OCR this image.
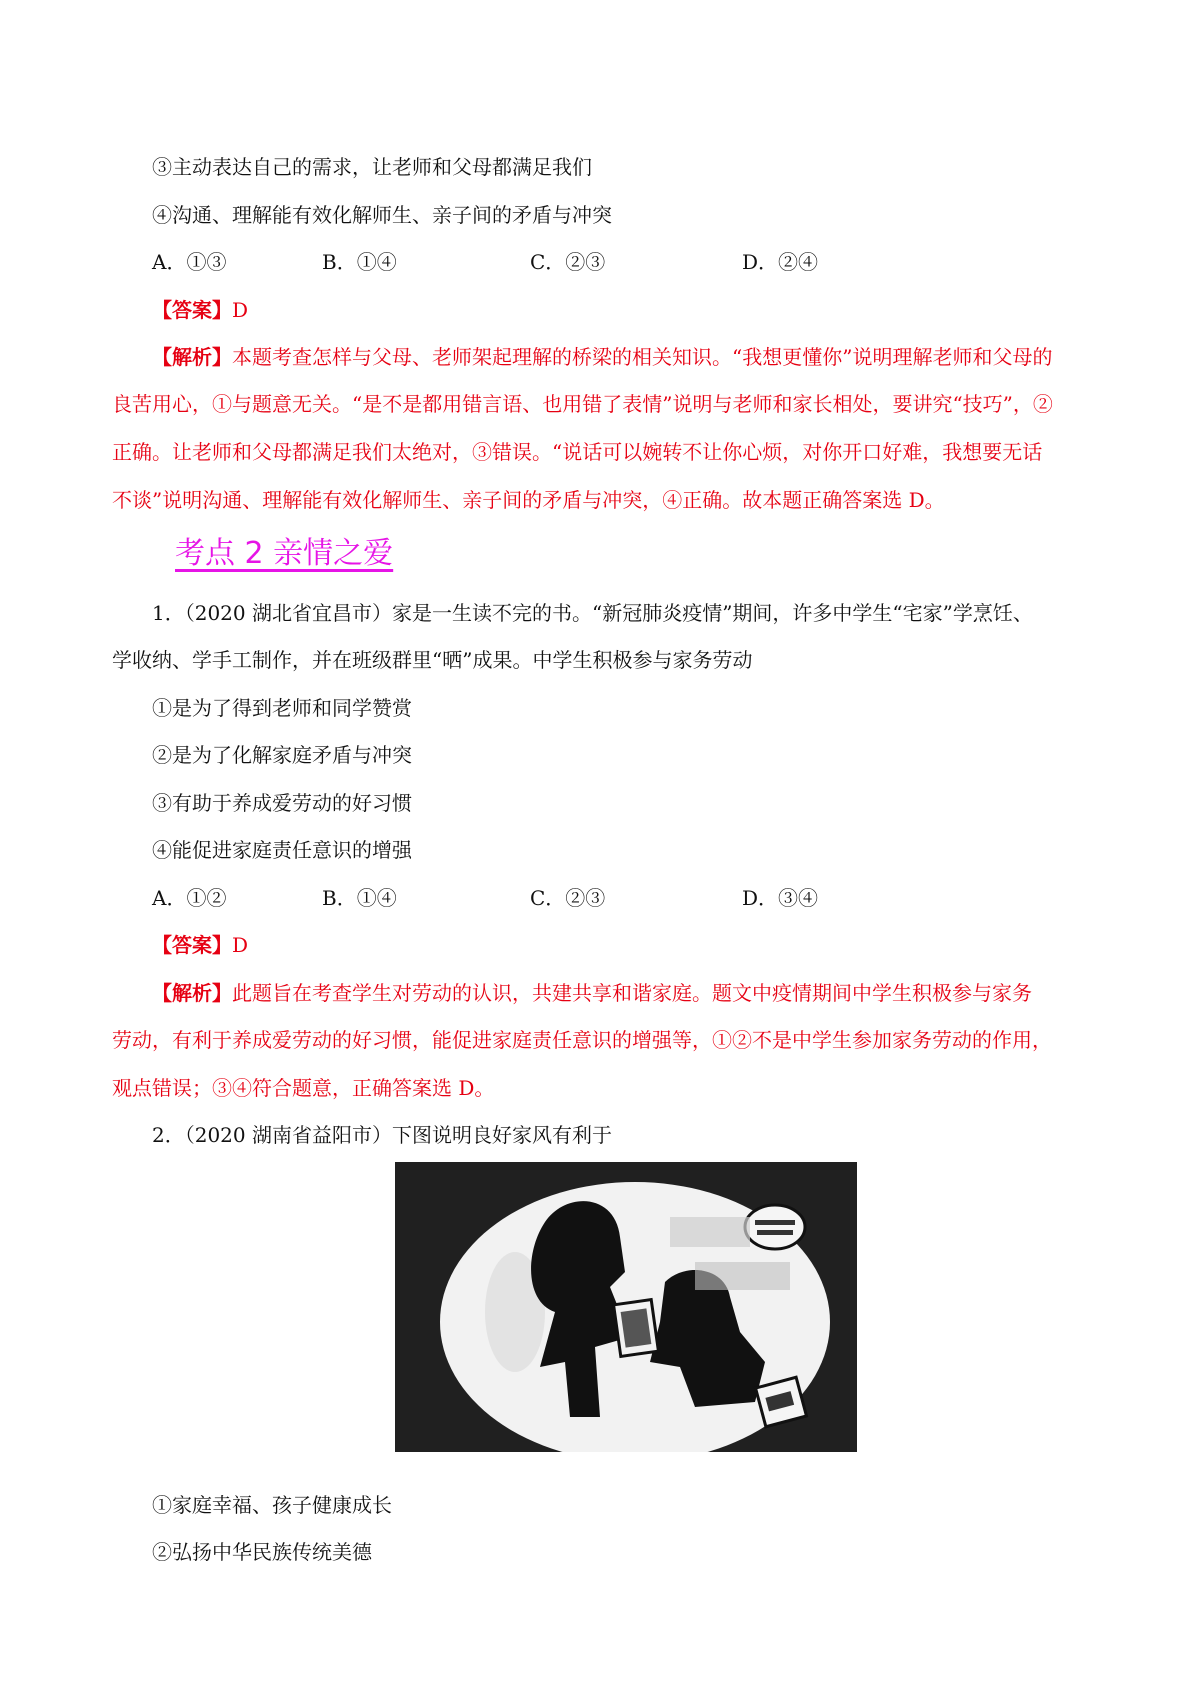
③主动表达自己的需求，让老师和父母都满足我们
④沟通、理解能有效化解师生、亲子间的矛盾与冲突
A．①③	B．①④	C．②③	D．②④
【答案】D
【解析】本题考查怎样与父母、老师架起理解的桥梁的相关知识。“我想更懂你”说明理解老师和父母的
良苦用心，①与题意无关。“是不是都用错言语、也用错了表情”说明与老师和家长相处，要讲究“技巧”，②
正确。让老师和父母都满足我们太绝对，③错误。“说话可以婉转不让你心烦，对你开口好难，我想要无话
不谈”说明沟通、理解能有效化解师生、亲子间的矛盾与冲突，④正确。故本题正确答案选 D。
考点 2 亲情之爱
1．（2020 湖北省宜昌市）家是一生读不完的书。“新冠肺炎疫情”期间，许多中学生“宅家”学烹饪、
学收纳、学手工制作，并在班级群里“晒”成果。中学生积极参与家务劳动
①是为了得到老师和同学赞赏
②是为了化解家庭矛盾与冲突
③有助于养成爱劳动的好习惯
④能促进家庭责任意识的增强
A．①②	B．①④	C．②③	D．③④
【答案】D
【解析】此题旨在考查学生对劳动的认识，共建共享和谐家庭。题文中疫情期间中学生积极参与家务
劳动，有利于养成爱劳动的好习惯，能促进家庭责任意识的增强等，①②不是中学生参加家务劳动的作用，
观点错误；③④符合题意，正确答案选 D。
2．（2020 湖南省益阳市）下图说明良好家风有利于
①家庭幸福、孩子健康成长
②弘扬中华民族传统美德
